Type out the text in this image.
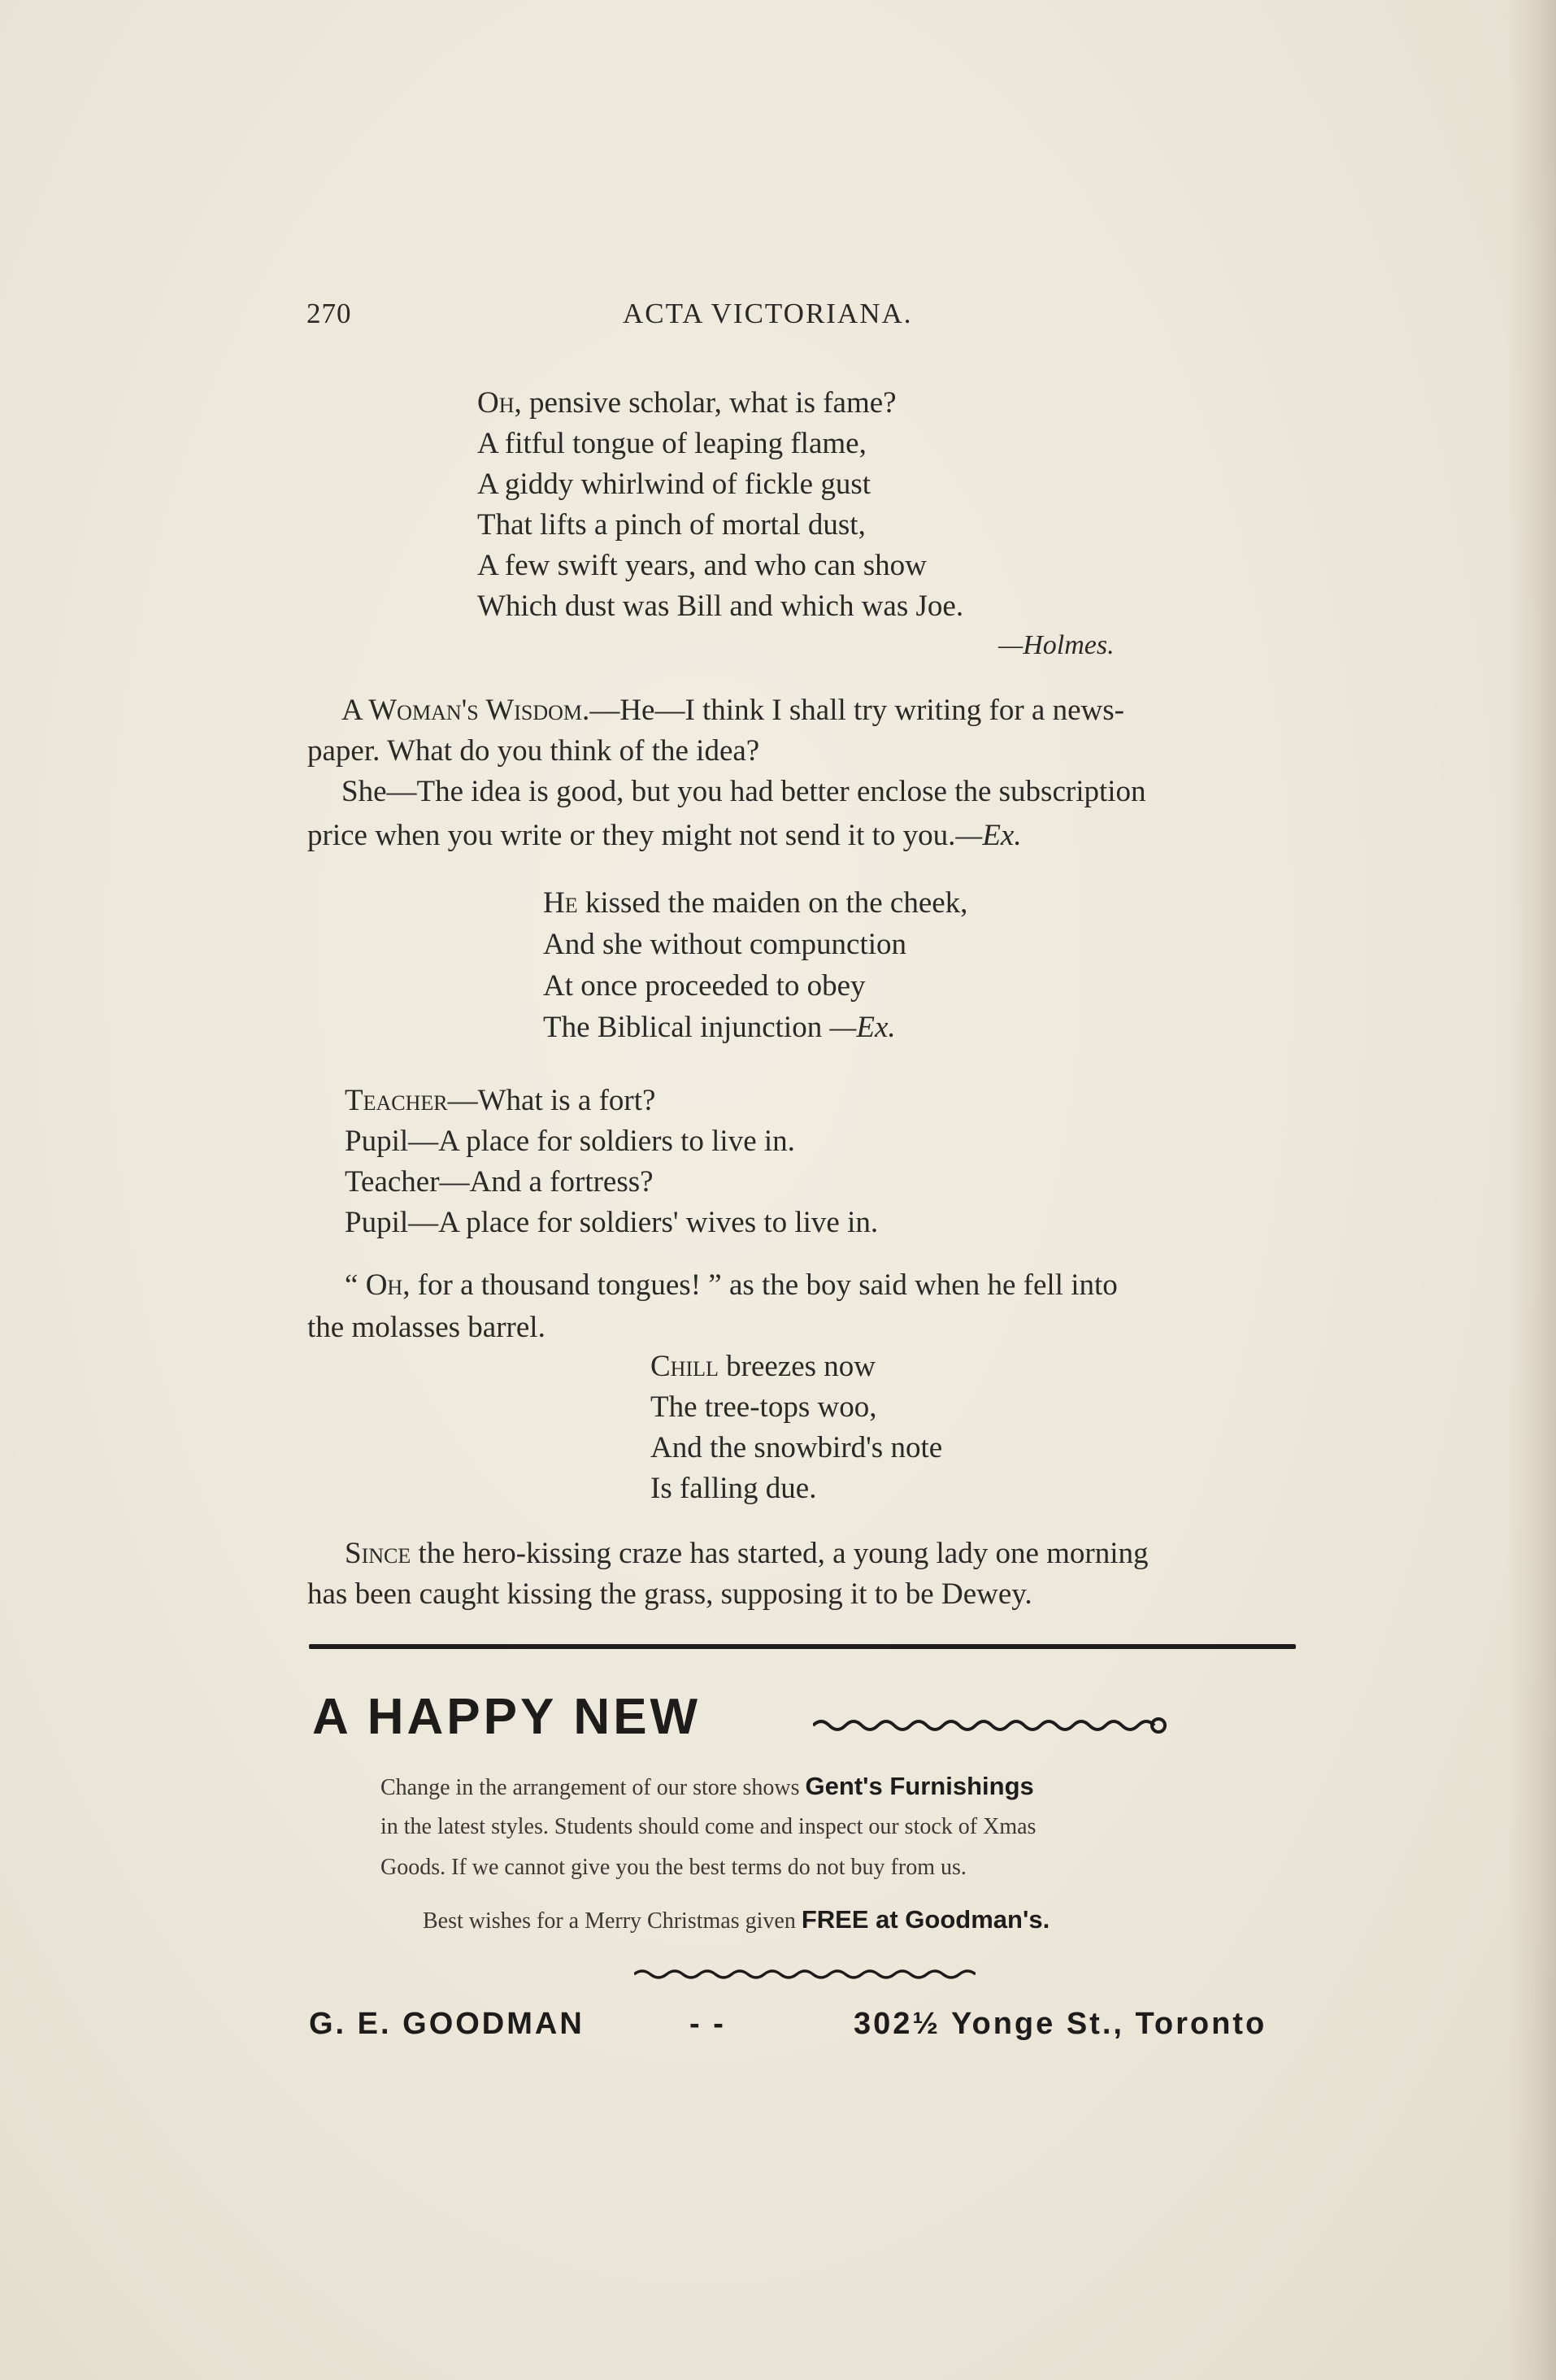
270	ACTA VICTORIANA.
Oh, pensive scholar, what is fame?
A fitful tongue of leaping flame,
A giddy whirlwind of fickle gust
That lifts a pinch of mortal dust,
A few swift years, and who can show
Which dust was Bill and which was Joe.
—Holmes.
A Woman's Wisdom.—He—I think I shall try writing for a news-
paper. What do you think of the idea?
She—The idea is good, but you had better enclose the subscription
price when you write or they might not send it to you.—Ex.
He kissed the maiden on the cheek,
And she without compunction
At once proceeded to obey
The Biblical injunction —Ex.
Teacher—What is a fort?
Pupil—A place for soldiers to live in.
Teacher—And a fortress?
Pupil—A place for soldiers' wives to live in.
“ Oh, for a thousand tongues! ” as the boy said when he fell into
the molasses barrel.
Chill breezes now
The tree-tops woo,
And the snowbird's note
Is falling due.
Since the hero-kissing craze has started, a young lady one morning
has been caught kissing the grass, supposing it to be Dewey.
A HAPPY NEW
Change in the arrangement of our store shows Gent's Furnishings
in the latest styles. Students should come and inspect our stock of Xmas
Goods. If we cannot give you the best terms do not buy from us.
Best wishes for a Merry Christmas given FREE at Goodman's.
G. E. GOODMAN	- -	302½ Yonge St., Toronto
